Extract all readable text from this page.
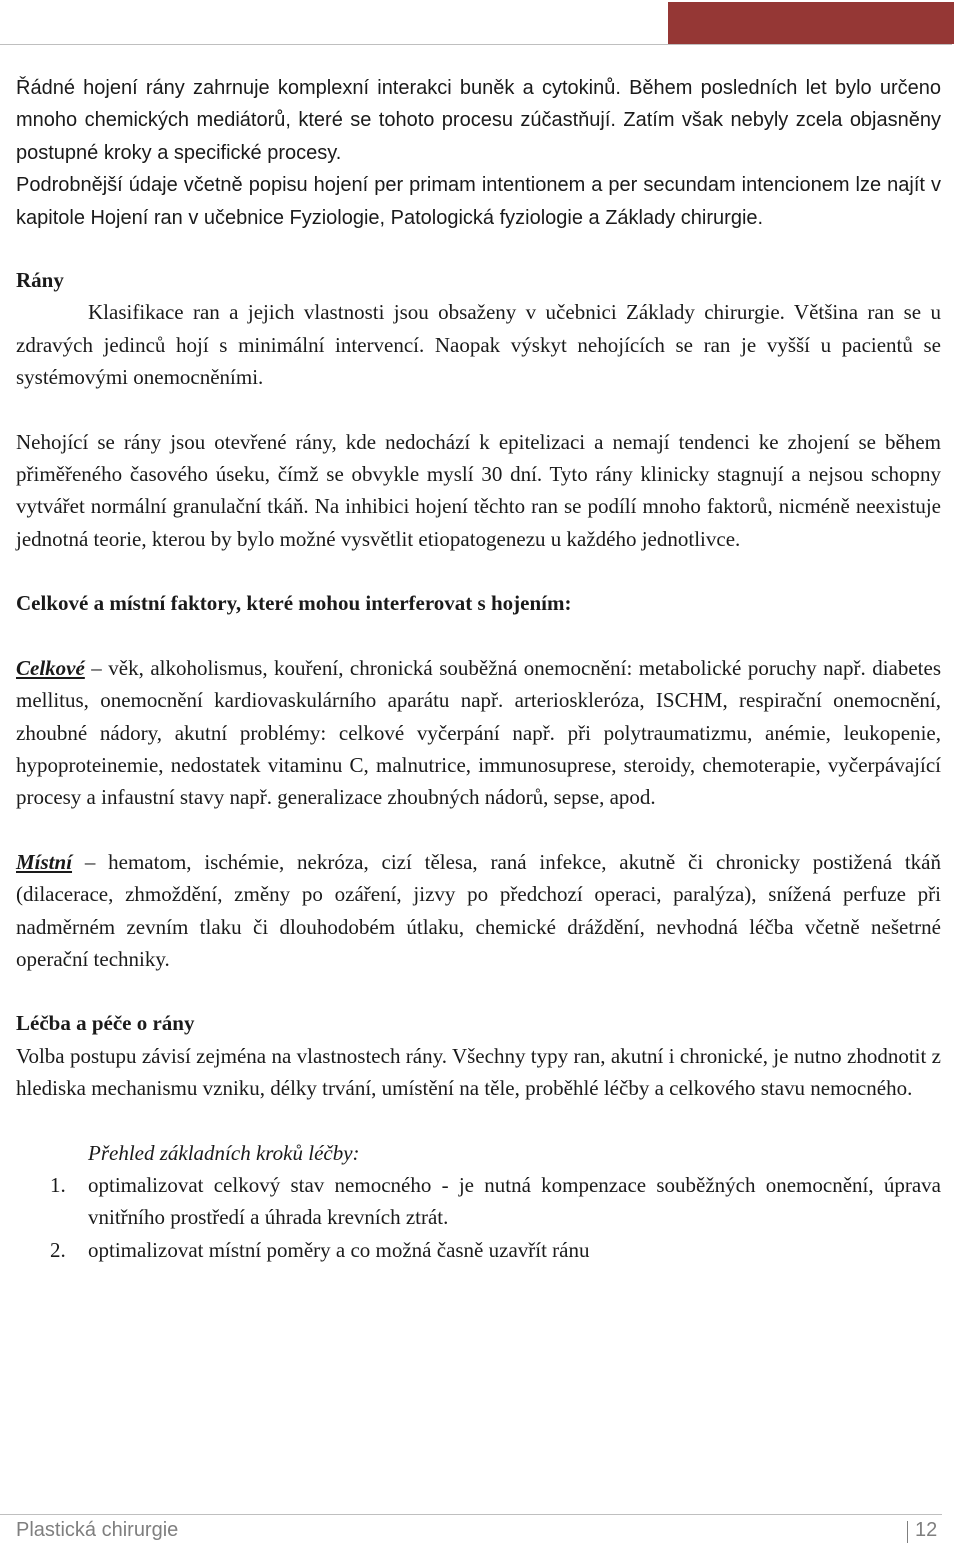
Řádné hojení rány zahrnuje komplexní interakci buněk a cytokinů. Během posledních let bylo určeno mnoho chemických mediátorů, které se tohoto procesu zúčastňují. Zatím však nebyly zcela objasněny postupné kroky a specifické procesy.

Podrobnější údaje včetně popisu hojení per primam intentionem a per secundam intencionem lze najít v kapitole Hojení ran v učebnice Fyziologie, Patologická fyziologie a Základy chirurgie.

Rány

Klasifikace ran a jejich vlastnosti jsou obsaženy v učebnici Základy chirurgie. Většina ran se u zdravých jedinců hojí s minimální intervencí. Naopak výskyt nehojících se ran je vyšší u pacientů se systémovými onemocněními.

Nehojící se rány jsou otevřené rány, kde nedochází k epitelizaci a nemají tendenci ke zhojení se během přiměřeného časového úseku, čímž se obvykle myslí 30 dní. Tyto rány klinicky stagnují a nejsou schopny vytvářet normální granulační tkáň. Na inhibici hojení těchto ran se podílí mnoho faktorů, nicméně neexistuje jednotná teorie, kterou by bylo možné vysvětlit etiopatogenezu u každého jednotlivce.

Celkové a místní faktory, které mohou interferovat s hojením:

Celkové – věk, alkoholismus, kouření, chronická souběžná onemocnění: metabolické poruchy např. diabetes mellitus, onemocnění kardiovaskulárního aparátu např. arterioskleróza, ISCHM, respirační onemocnění, zhoubné nádory, akutní problémy: celkové vyčerpání např. při polytraumatizmu, anémie, leukopenie, hypoproteinemie, nedostatek vitaminu C, malnutrice, immunosuprese, steroidy, chemoterapie, vyčerpávající procesy a infaustní stavy např. generalizace zhoubných nádorů, sepse, apod.

Místní – hematom, ischémie, nekróza, cizí tělesa, raná infekce, akutně či chronicky postižená tkáň (dilacerace, zhmoždění, změny po ozáření, jizvy po předchozí operaci, paralýza), snížená perfuze při nadměrném zevním tlaku či dlouhodobém útlaku, chemické dráždění, nevhodná léčba včetně nešetrné operační techniky.

Léčba a péče o rány

Volba postupu závisí zejména na vlastnostech rány. Všechny typy ran, akutní i chronické, je nutno zhodnotit z hlediska mechanismu vzniku, délky trvání, umístění na těle, proběhlé léčby a celkového stavu nemocného.

Přehled základních kroků léčby:

1. optimalizovat celkový stav nemocného - je nutná kompenzace souběžných onemocnění, úprava vnitřního prostředí a úhrada krevních ztrát.
2. optimalizovat místní poměry a co možná časně uzavřít ránu
Plastická chirurgie	12
